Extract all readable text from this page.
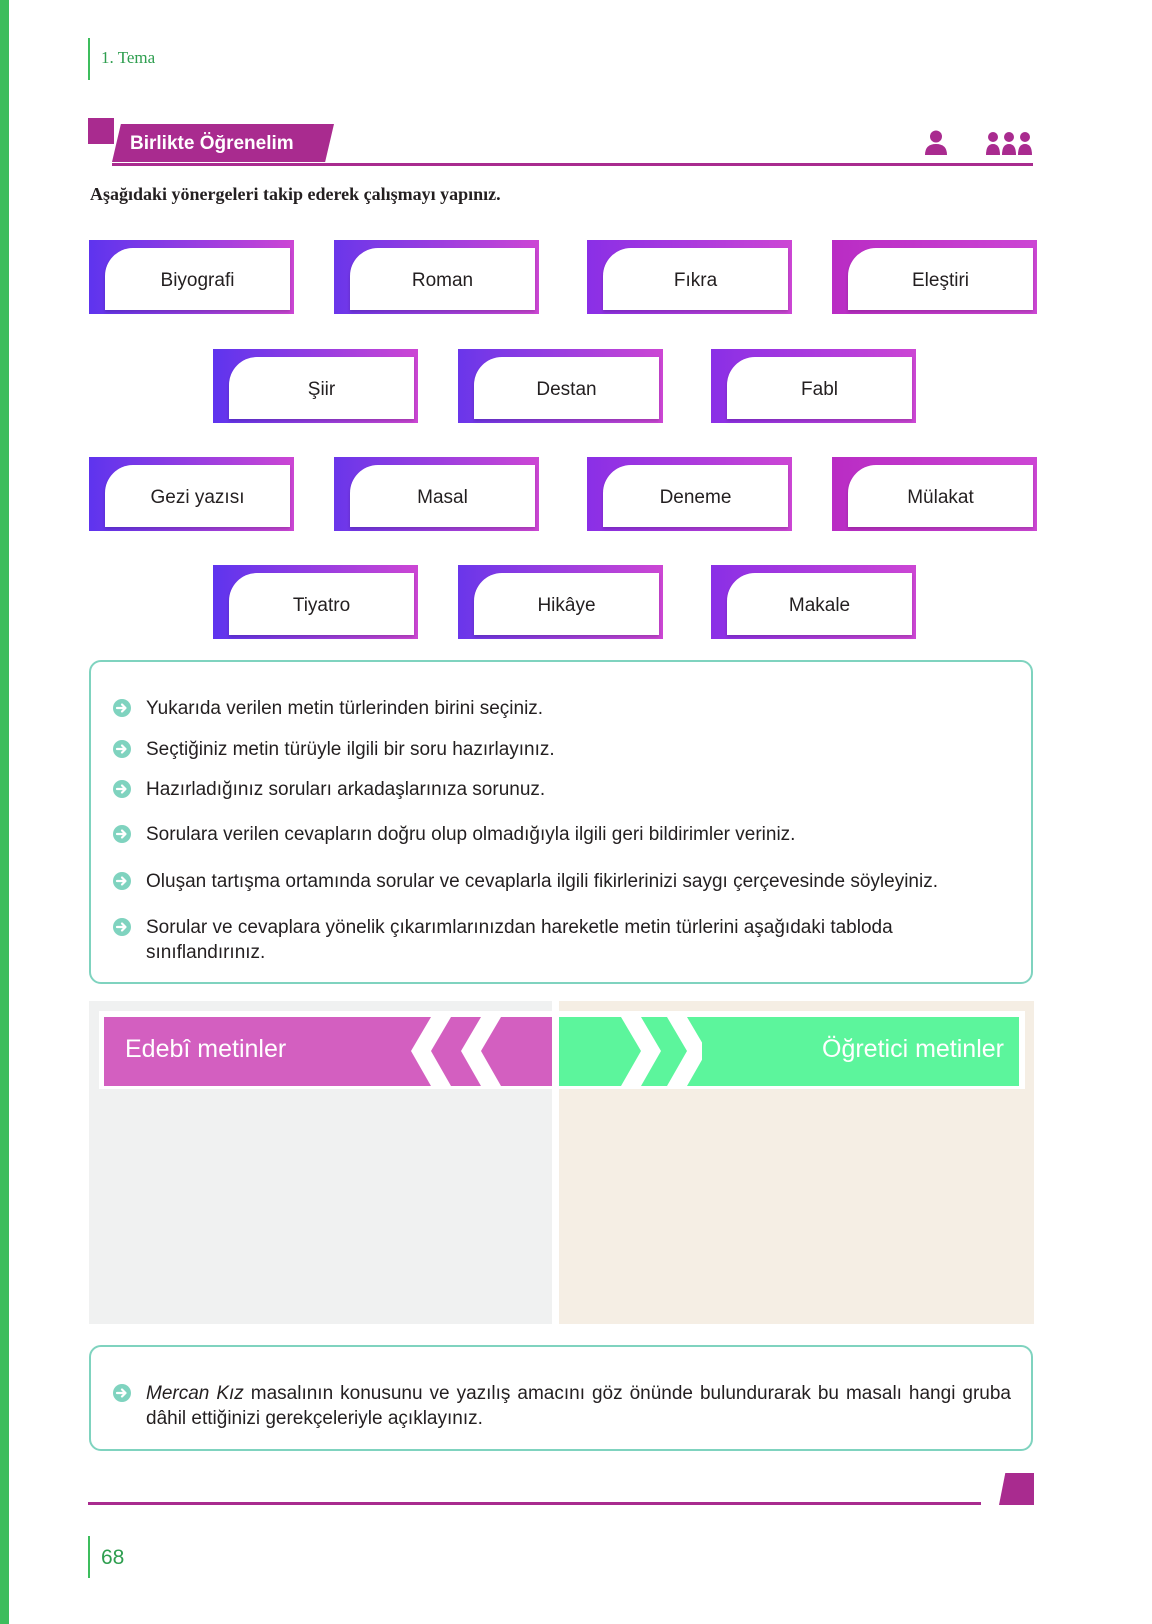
1. Tema
Birlikte Öğrenelim
Aşağıdaki yönergeleri takip ederek çalışmayı yapınız.
Biyografi	Roman	Fıkra	Eleştiri
Şiir	Destan	Fabl
Gezi yazısı	Masal	Deneme	Mülakat
Tiyatro	Hikâye	Makale
Yukarıda verilen metin türlerinden birini seçiniz.
Seçtiğiniz metin türüyle ilgili bir soru hazırlayınız.
Hazırladığınız soruları arkadaşlarınıza sorunuz.
Sorulara verilen cevapların doğru olup olmadığıyla ilgili geri bildirimler veriniz.
Oluşan tartışma ortamında sorular ve cevaplarla ilgili fikirlerinizi saygı çerçevesinde söyleyiniz.
Sorular ve cevaplara yönelik çıkarımlarınızdan hareketle metin türlerini aşağıdaki tabloda sınıflandırınız.
Edebî metinler	Öğretici metinler
Mercan Kız masalının konusunu ve yazılış amacını göz önünde bulundurarak bu masalı hangi gruba dâhil ettiğinizi gerekçeleriyle açıklayınız.
68
